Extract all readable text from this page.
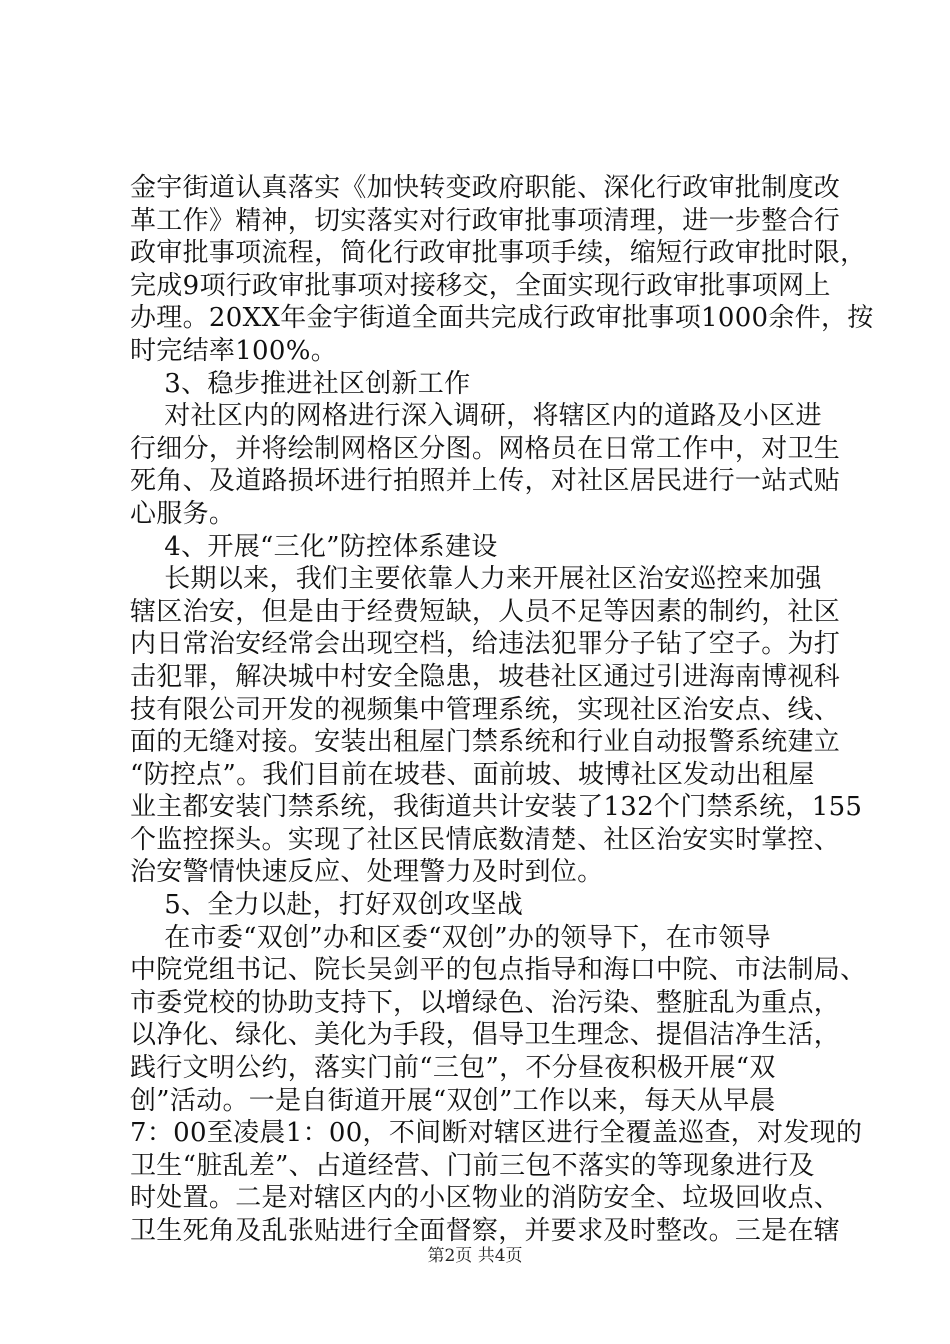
金宇街道认真落实《加快转变政府职能、深化行政审批制度改
革工作》精神，切实落实对行政审批事项清理，进一步整合行
政审批事项流程，简化行政审批事项手续，缩短行政审批时限，
完成9项行政审批事项对接移交，全面实现行政审批事项网上
办理。20XX年金宇街道全面共完成行政审批事项1000余件，按
时完结率100%。
3、稳步推进社区创新工作
对社区内的网格进行深入调研，将辖区内的道路及小区进
行细分，并将绘制网格区分图。网格员在日常工作中，对卫生
死角、及道路损坏进行拍照并上传，对社区居民进行一站式贴
心服务。
4、开展“三化”防控体系建设
长期以来，我们主要依靠人力来开展社区治安巡控来加强
辖区治安，但是由于经费短缺，人员不足等因素的制约，社区
内日常治安经常会出现空档，给违法犯罪分子钻了空子。为打
击犯罪，解决城中村安全隐患，坡巷社区通过引进海南博视科
技有限公司开发的视频集中管理系统，实现社区治安点、线、
面的无缝对接。安装出租屋门禁系统和行业自动报警系统建立
“防控点”。我们目前在坡巷、面前坡、坡博社区发动出租屋
业主都安装门禁系统，我街道共计安装了132个门禁系统，155
个监控探头。实现了社区民情底数清楚、社区治安实时掌控、
治安警情快速反应、处理警力及时到位。
5、全力以赴，打好双创攻坚战
在市委“双创”办和区委“双创”办的领导下，在市领导
中院党组书记、院长吴剑平的包点指导和海口中院、市法制局、
市委党校的协助支持下，以增绿色、治污染、整脏乱为重点，
以净化、绿化、美化为手段，倡导卫生理念、提倡洁净生活，
践行文明公约，落实门前“三包”，不分昼夜积极开展“双
创”活动。一是自街道开展“双创”工作以来，每天从早晨
7：00至凌晨1：00，不间断对辖区进行全覆盖巡查，对发现的
卫生“脏乱差”、占道经营、门前三包不落实的等现象进行及
时处置。二是对辖区内的小区物业的消防安全、垃圾回收点、
卫生死角及乱张贴进行全面督察，并要求及时整改。三是在辖
第2页 共4页
